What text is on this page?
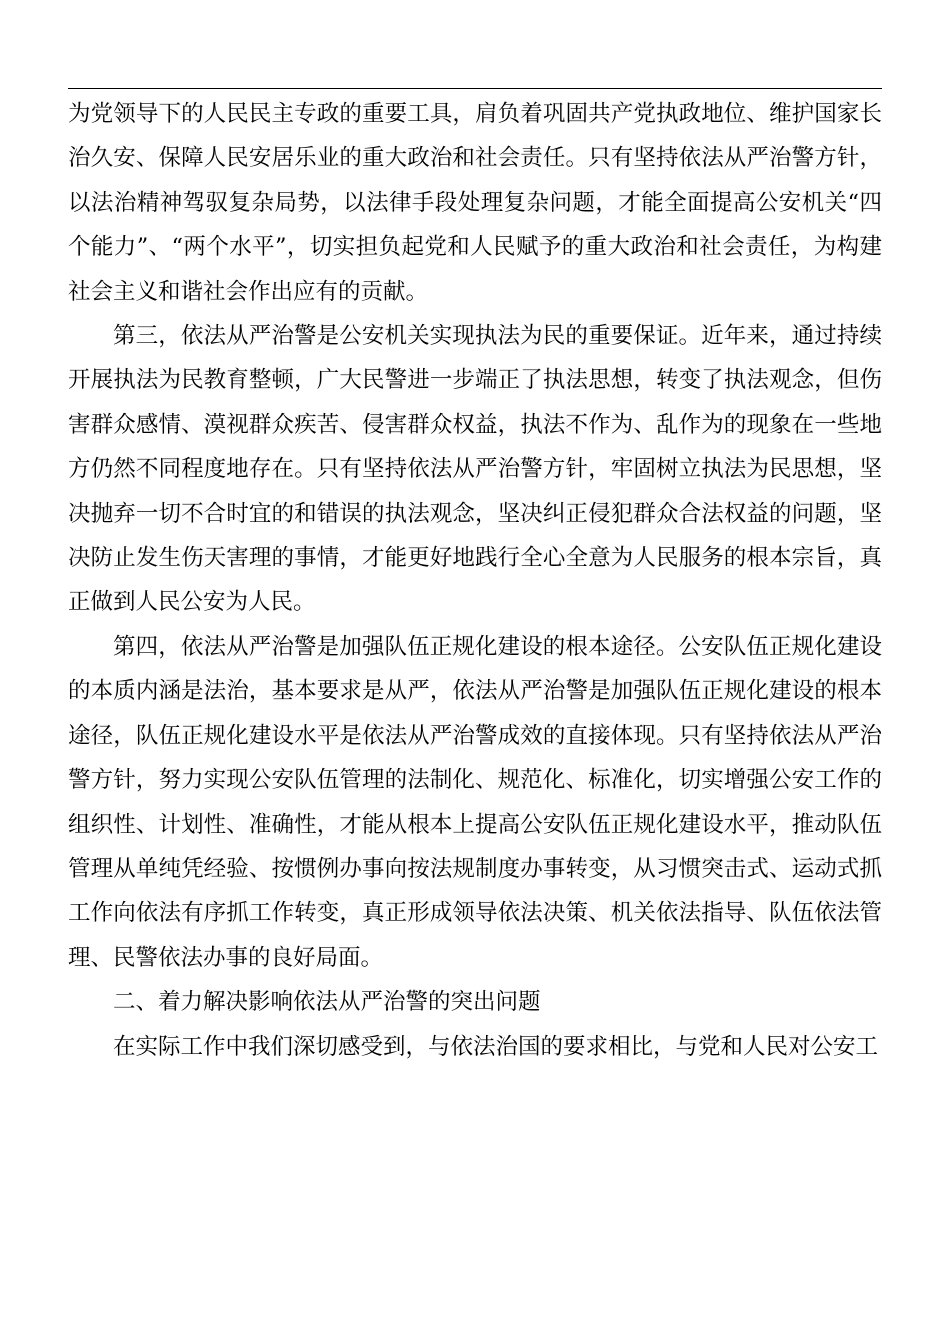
为党领导下的人民民主专政的重要工具，肩负着巩固共产党执政地位、维护国家长治久安、保障人民安居乐业的重大政治和社会责任。只有坚持依法从严治警方针，以法治精神驾驭复杂局势，以法律手段处理复杂问题，才能全面提高公安机关“四个能力”、“两个水平”，切实担负起党和人民赋予的重大政治和社会责任，为构建社会主义和谐社会作出应有的贡献。

第三，依法从严治警是公安机关实现执法为民的重要保证。近年来，通过持续开展执法为民教育整顿，广大民警进一步端正了执法思想，转变了执法观念，但伤害群众感情、漠视群众疾苦、侵害群众权益，执法不作为、乱作为的现象在一些地方仍然不同程度地存在。只有坚持依法从严治警方针，牢固树立执法为民思想，坚决抛弃一切不合时宜的和错误的执法观念，坚决纠正侵犯群众合法权益的问题，坚决防止发生伤天害理的事情，才能更好地践行全心全意为人民服务的根本宗旨，真正做到人民公安为人民。

第四，依法从严治警是加强队伍正规化建设的根本途径。公安队伍正规化建设的本质内涵是法治，基本要求是从严，依法从严治警是加强队伍正规化建设的根本途径，队伍正规化建设水平是依法从严治警成效的直接体现。只有坚持依法从严治警方针，努力实现公安队伍管理的法制化、规范化、标准化，切实增强公安工作的组织性、计划性、准确性，才能从根本上提高公安队伍正规化建设水平，推动队伍管理从单纯凭经验、按惯例办事向按法规制度办事转变，从习惯突击式、运动式抓工作向依法有序抓工作转变，真正形成领导依法决策、机关依法指导、队伍依法管理、民警依法办事的良好局面。

二、着力解决影响依法从严治警的突出问题

在实际工作中我们深切感受到，与依法治国的要求相比，与党和人民对公安工
